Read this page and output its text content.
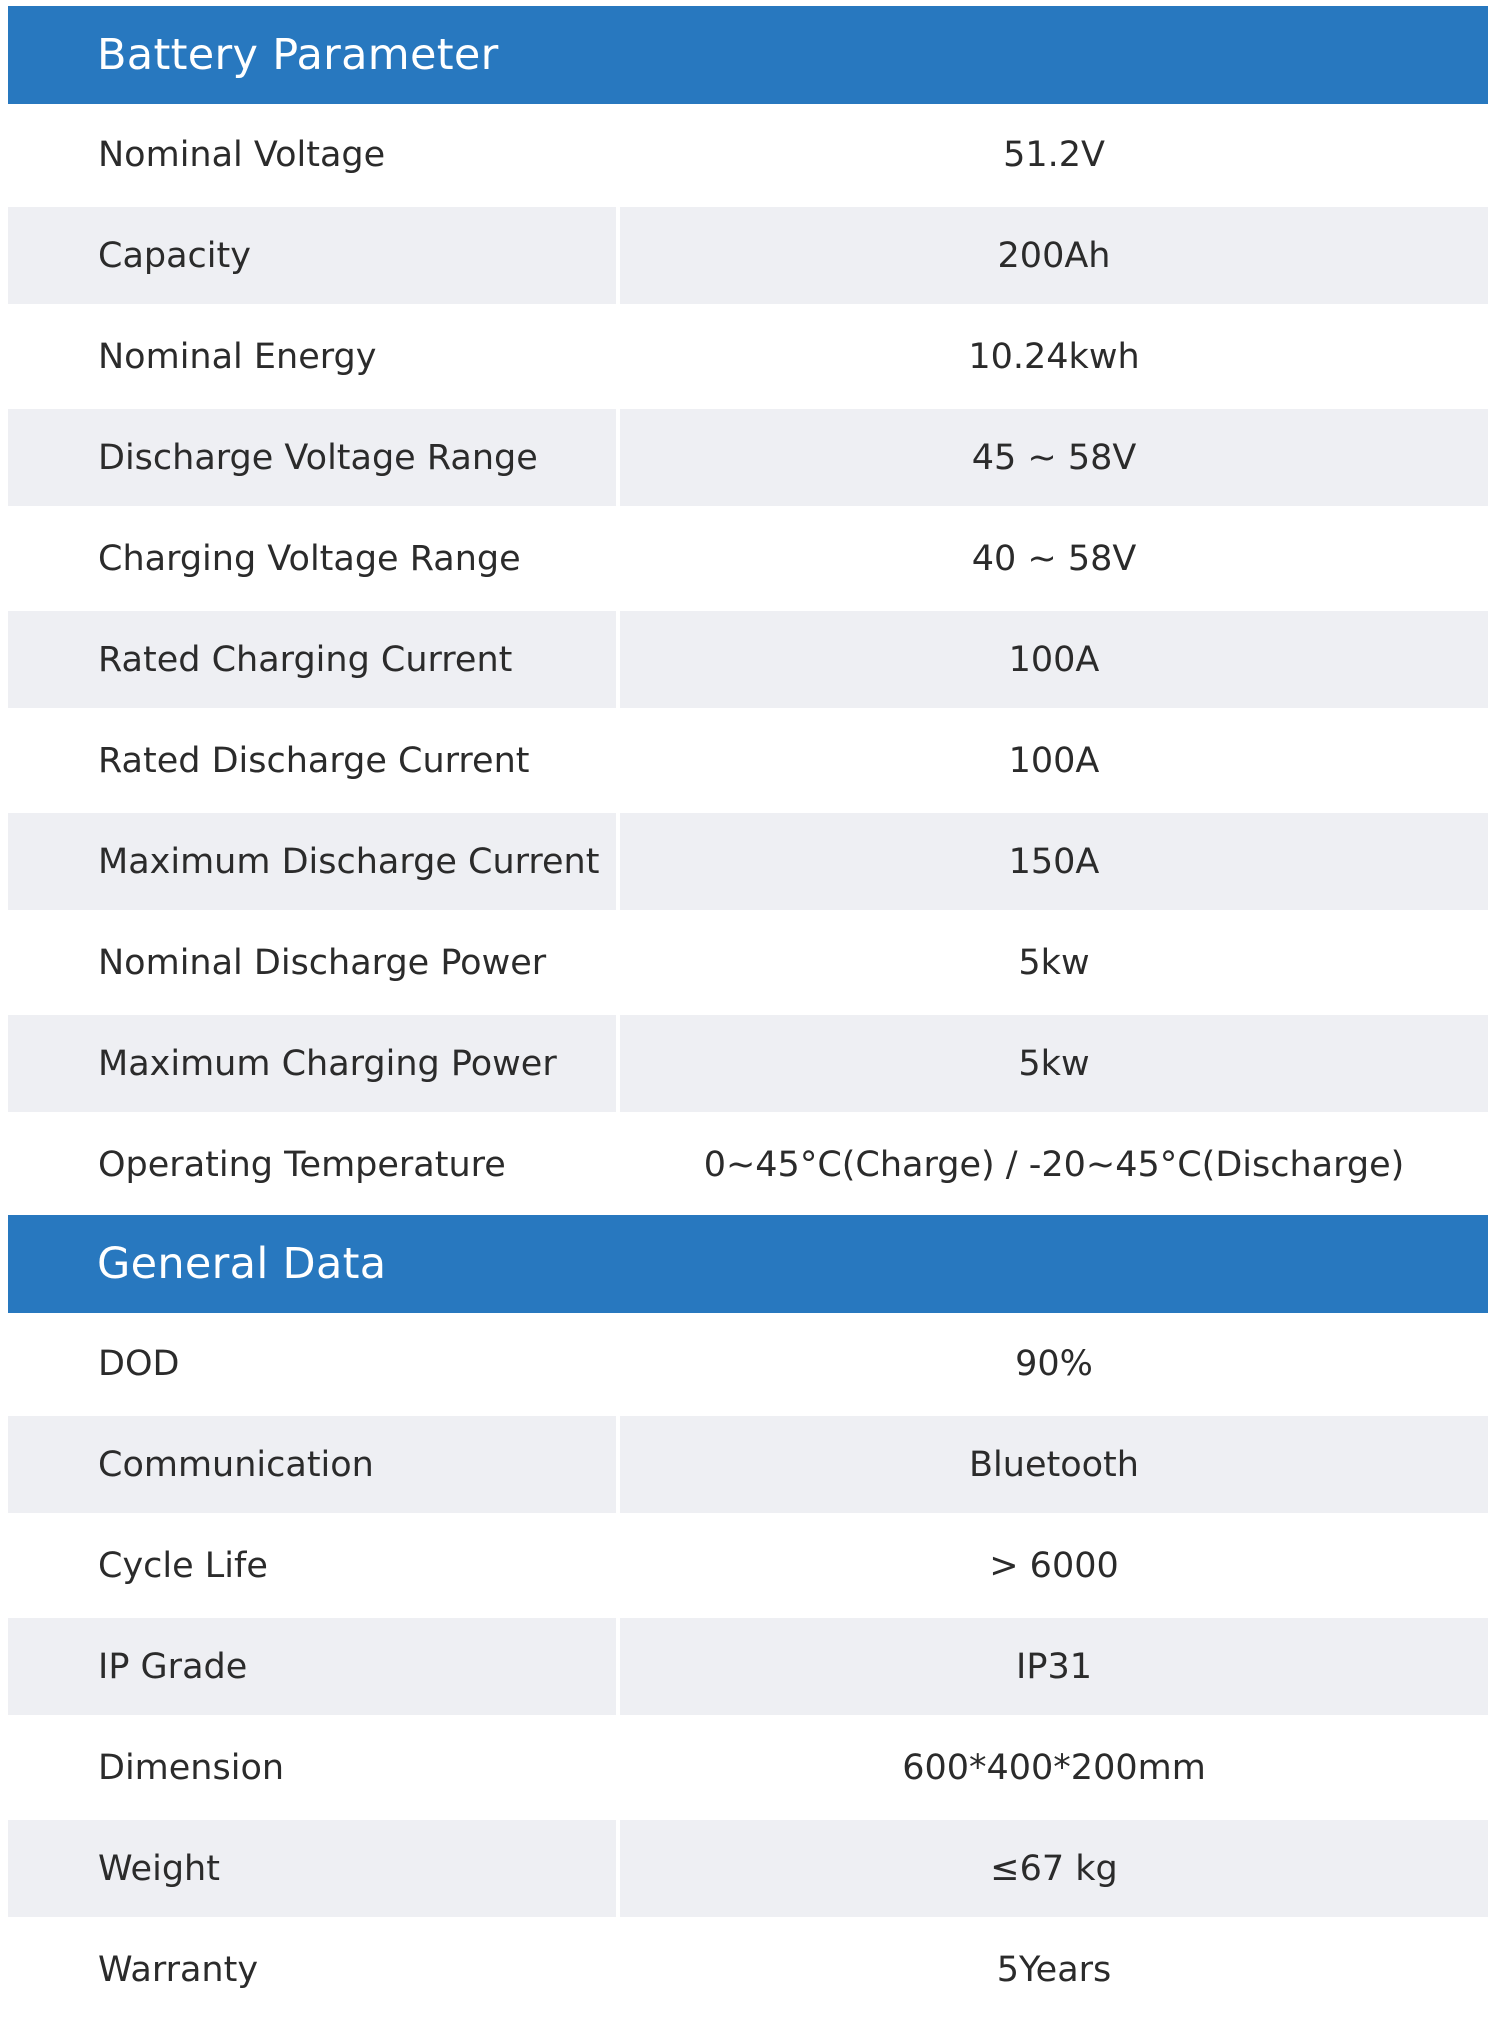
Battery Parameter
Nominal Voltage	51.2V
Capacity	200Ah
Nominal Energy	10.24kwh
Discharge Voltage Range	45 ~ 58V
Charging Voltage Range	40 ~ 58V
Rated Charging Current	100A
Rated Discharge Current	100A
Maximum Discharge Current	150A
Nominal Discharge Power	5kw
Maximum Charging Power	5kw
Operating Temperature	0~45°C(Charge) / -20~45°C(Discharge)
General Data
DOD	90%
Communication	Bluetooth
Cycle Life	> 6000
IP Grade	IP31
Dimension	600*400*200mm
Weight	≤67 kg
Warranty	5Years
